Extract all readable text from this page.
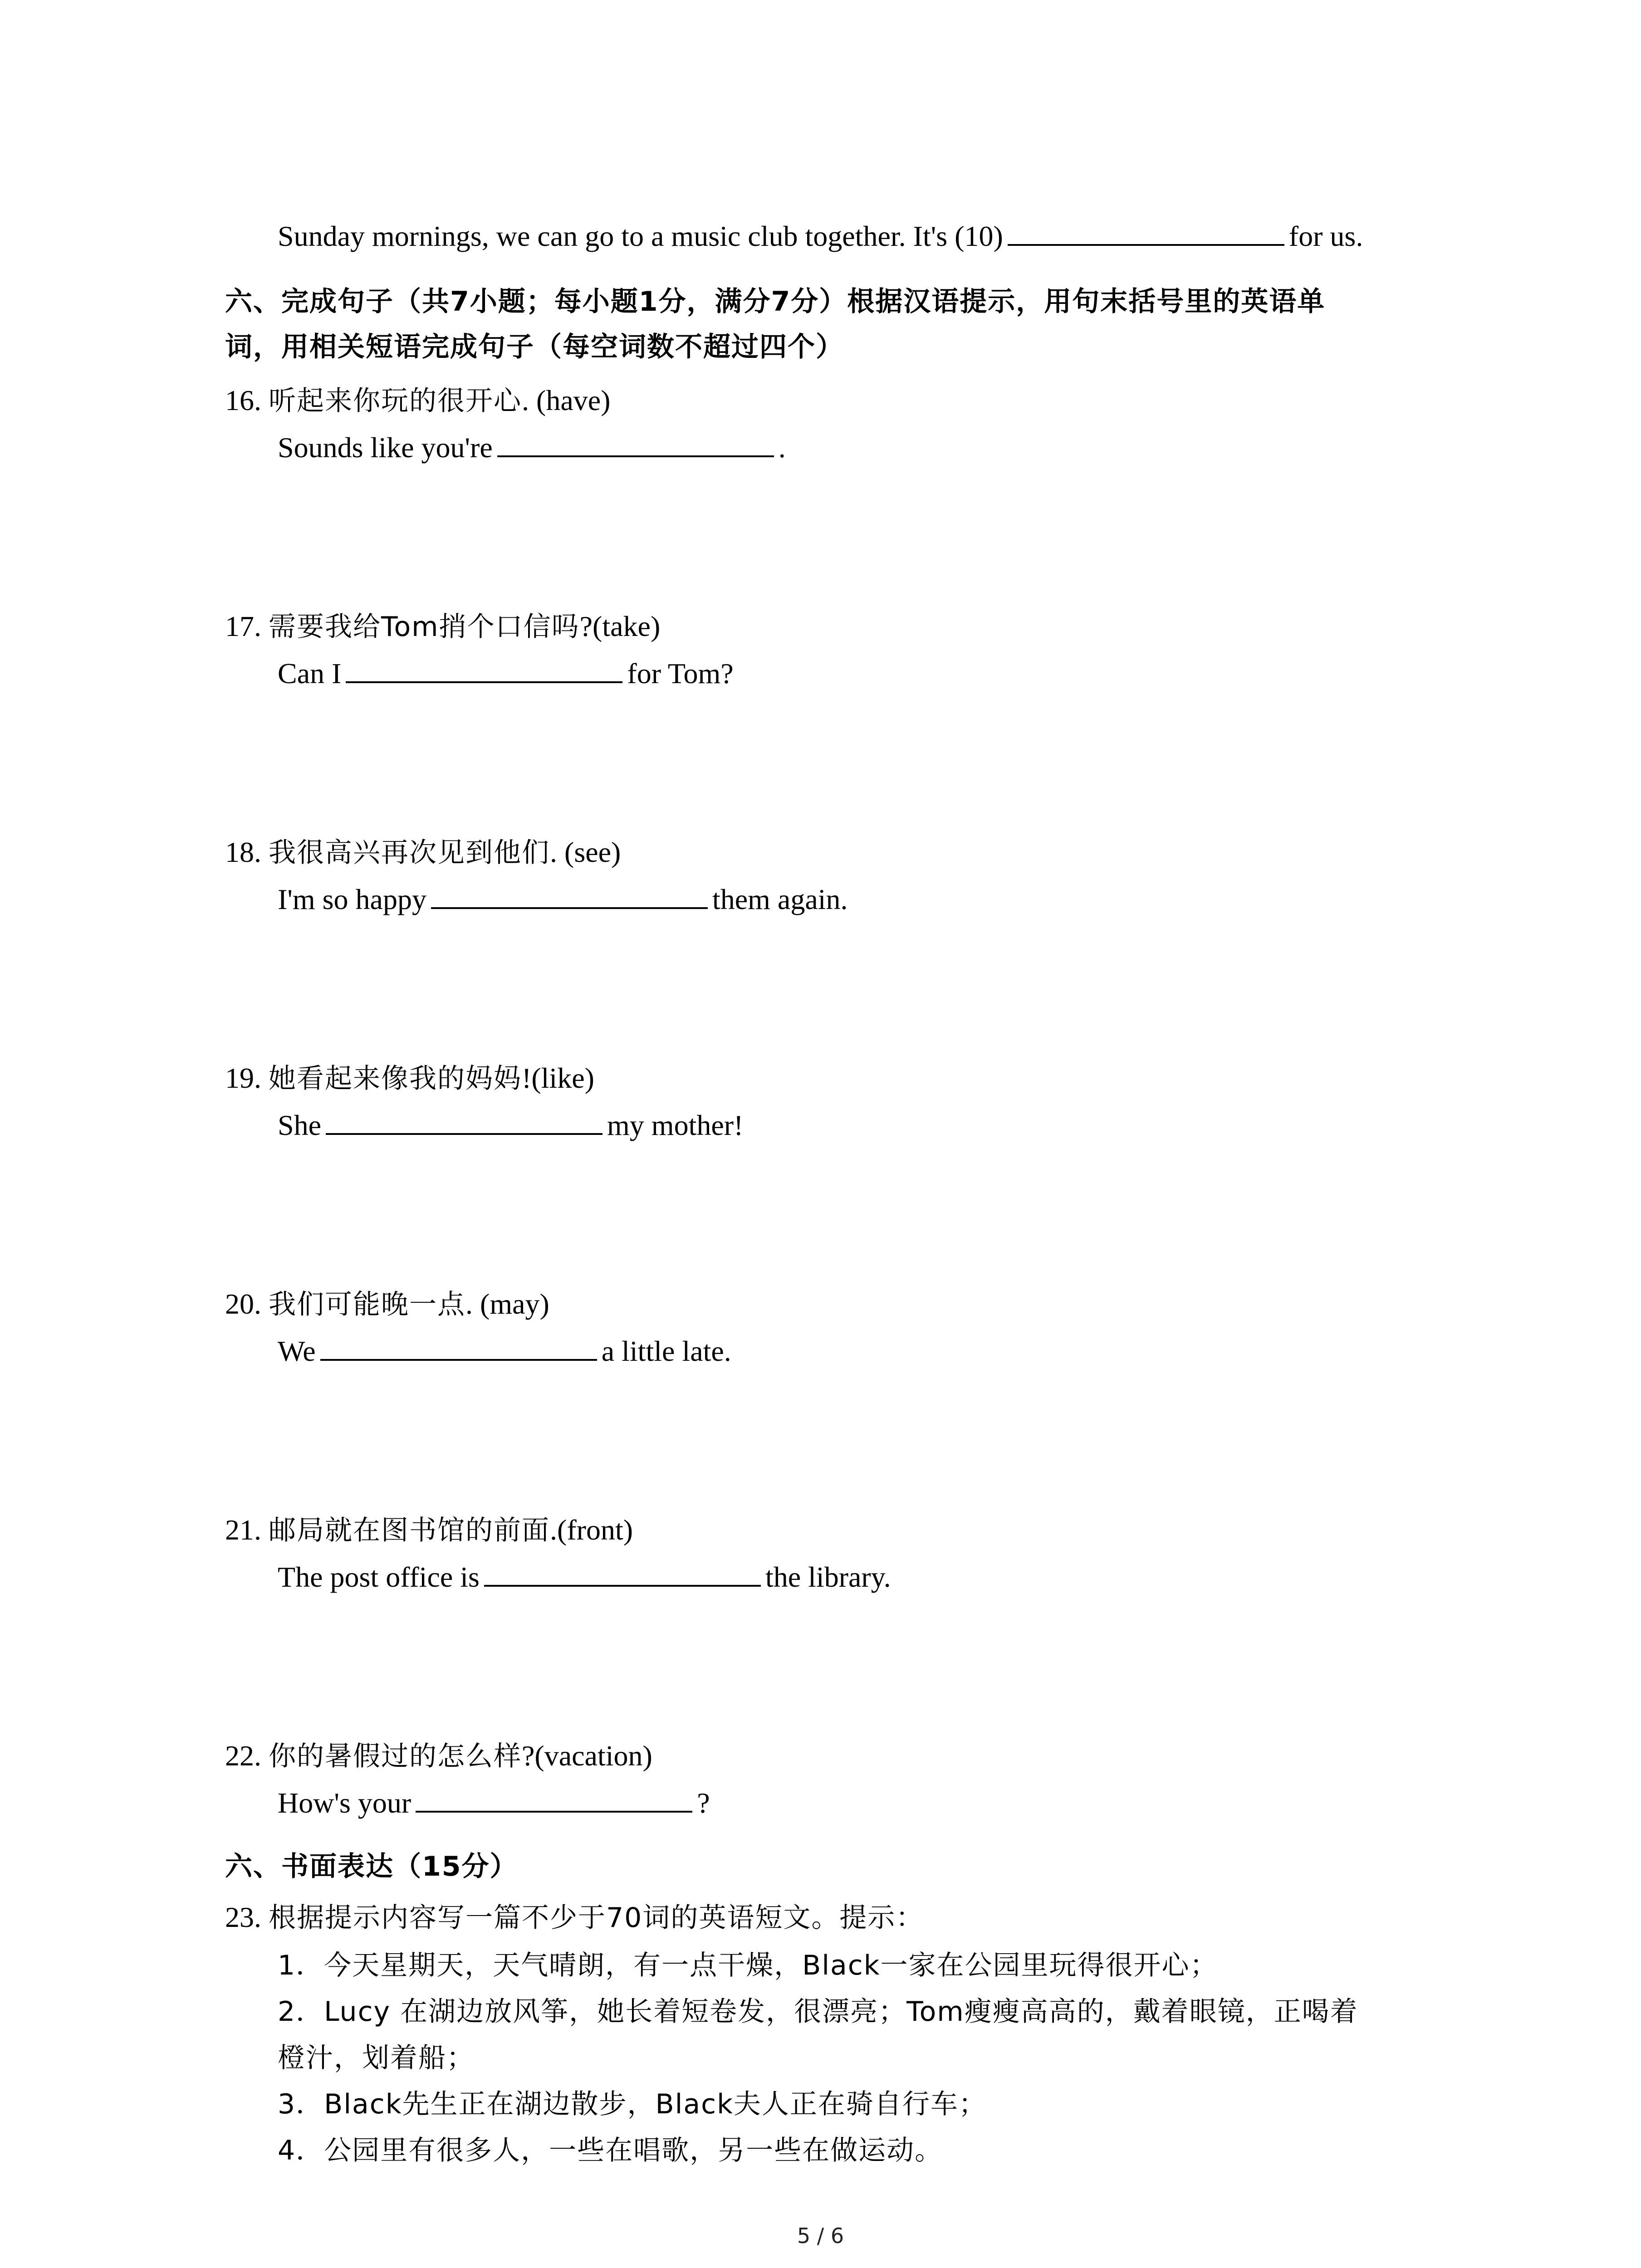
Sunday mornings, we can go to a music club together. It's (10)	for us.
六、完成句子（共7小题；每小题1分，满分7分）根据汉语提示，用句末括号里的英语单
词，用相关短语完成句子（每空词数不超过四个）
16. 听起来你玩的很开心. (have)
Sounds like you're	.
17. 需要我给Tom捎个口信吗?(take)
Can I	for Tom?
18. 我很高兴再次见到他们. (see)
I'm so happy	them again.
19. 她看起来像我的妈妈!(like)
She	my mother!
20. 我们可能晚一点. (may)
We	a little late.
21. 邮局就在图书馆的前面.(front)
The post office is	the library.
22. 你的暑假过的怎么样?(vacation)
How's your	?
六、书面表达（15分）
23. 根据提示内容写一篇不少于70词的英语短文。提示：
1．今天星期天，天气晴朗，有一点干燥，Black一家在公园里玩得很开心；
2．Lucy 在湖边放风筝，她长着短卷发，很漂亮；Tom瘦瘦高高的，戴着眼镜，正喝着
橙汁，划着船；
3．Black先生正在湖边散步，Black夫人正在骑自行车；
4．公园里有很多人，一些在唱歌，另一些在做运动。
5 / 6
